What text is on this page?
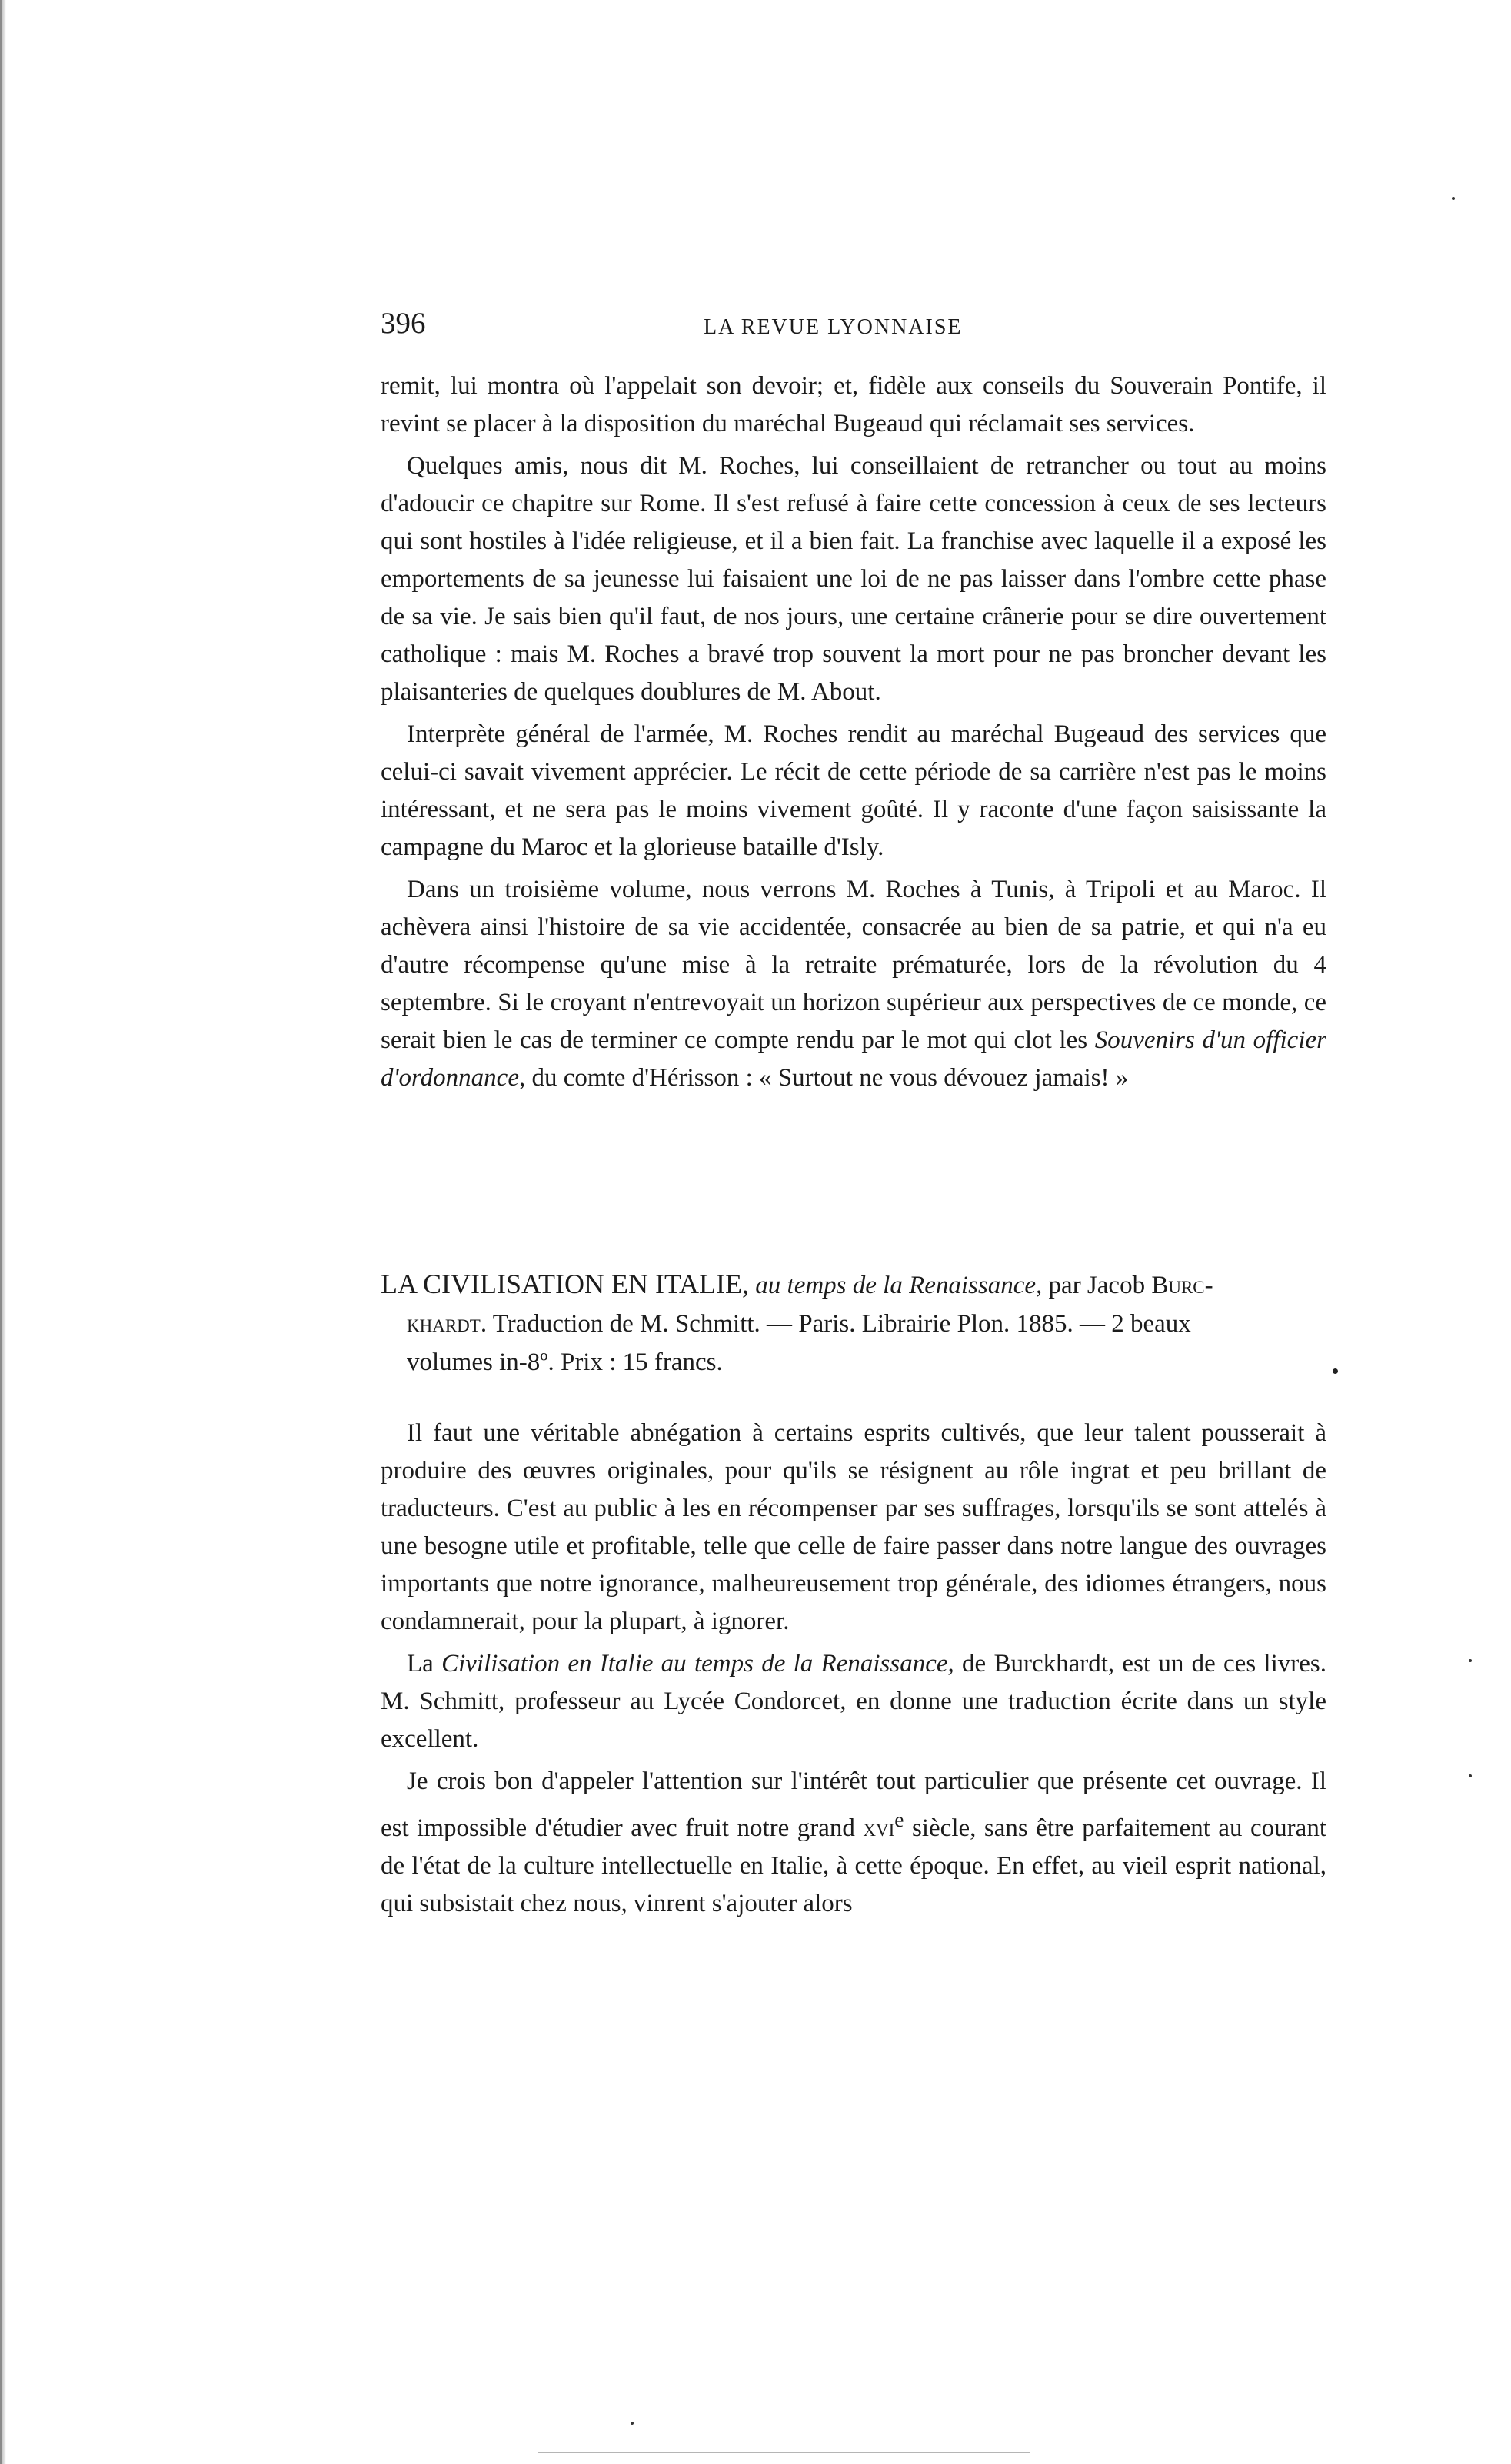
396	LA REVUE LYONNAISE

remit, lui montra où l'appelait son devoir; et, fidèle aux conseils du Souverain Pontife, il revint se placer à la disposition du maréchal Bugeaud qui réclamait ses services.

Quelques amis, nous dit M. Roches, lui conseillaient de retrancher ou tout au moins d'adoucir ce chapitre sur Rome. Il s'est refusé à faire cette concession à ceux de ses lecteurs qui sont hostiles à l'idée religieuse, et il a bien fait. La franchise avec laquelle il a exposé les emportements de sa jeunesse lui faisaient une loi de ne pas laisser dans l'ombre cette phase de sa vie. Je sais bien qu'il faut, de nos jours, une certaine crânerie pour se dire ouvertement catholique : mais M. Roches a bravé trop souvent la mort pour ne pas broncher devant les plaisanteries de quelques doublures de M. About.

Interprète général de l'armée, M. Roches rendit au maréchal Bugeaud des services que celui-ci savait vivement apprécier. Le récit de cette période de sa carrière n'est pas le moins intéressant, et ne sera pas le moins vivement goûté. Il y raconte d'une façon saisissante la campagne du Maroc et la glorieuse bataille d'Isly.

Dans un troisième volume, nous verrons M. Roches à Tunis, à Tripoli et au Maroc. Il achèvera ainsi l'histoire de sa vie accidentée, consacrée au bien de sa patrie, et qui n'a eu d'autre récompense qu'une mise à la retraite prématurée, lors de la révolution du 4 septembre. Si le croyant n'entrevoyait un horizon supérieur aux perspectives de ce monde, ce serait bien le cas de terminer ce compte rendu par le mot qui clot les Souvenirs d'un officier d'ordonnance, du comte d'Hérisson : « Surtout ne vous dévouez jamais! »

LA CIVILISATION EN ITALIE, au temps de la Renaissance, par Jacob Burc-
khardt. Traduction de M. Schmitt. — Paris. Librairie Plon. 1885. — 2 beaux
volumes in-8º. Prix : 15 francs.

Il faut une véritable abnégation à certains esprits cultivés, que leur talent pousserait à produire des œuvres originales, pour qu'ils se résignent au rôle ingrat et peu brillant de traducteurs. C'est au public à les en récompenser par ses suffrages, lorsqu'ils se sont attelés à une besogne utile et profitable, telle que celle de faire passer dans notre langue des ouvrages importants que notre ignorance, malheureusement trop générale, des idiomes étrangers, nous condamnerait, pour la plupart, à ignorer.

La Civilisation en Italie au temps de la Renaissance, de Burckhardt, est un de ces livres. M. Schmitt, professeur au Lycée Condorcet, en donne une traduction écrite dans un style excellent.

Je crois bon d'appeler l'attention sur l'intérêt tout particulier que présente cet ouvrage. Il est impossible d'étudier avec fruit notre grand xvi$^e$ siècle, sans être parfaitement au courant de l'état de la culture intellectuelle en Italie, à cette époque. En effet, au vieil esprit national, qui subsistait chez nous, vinrent s'ajouter alors
